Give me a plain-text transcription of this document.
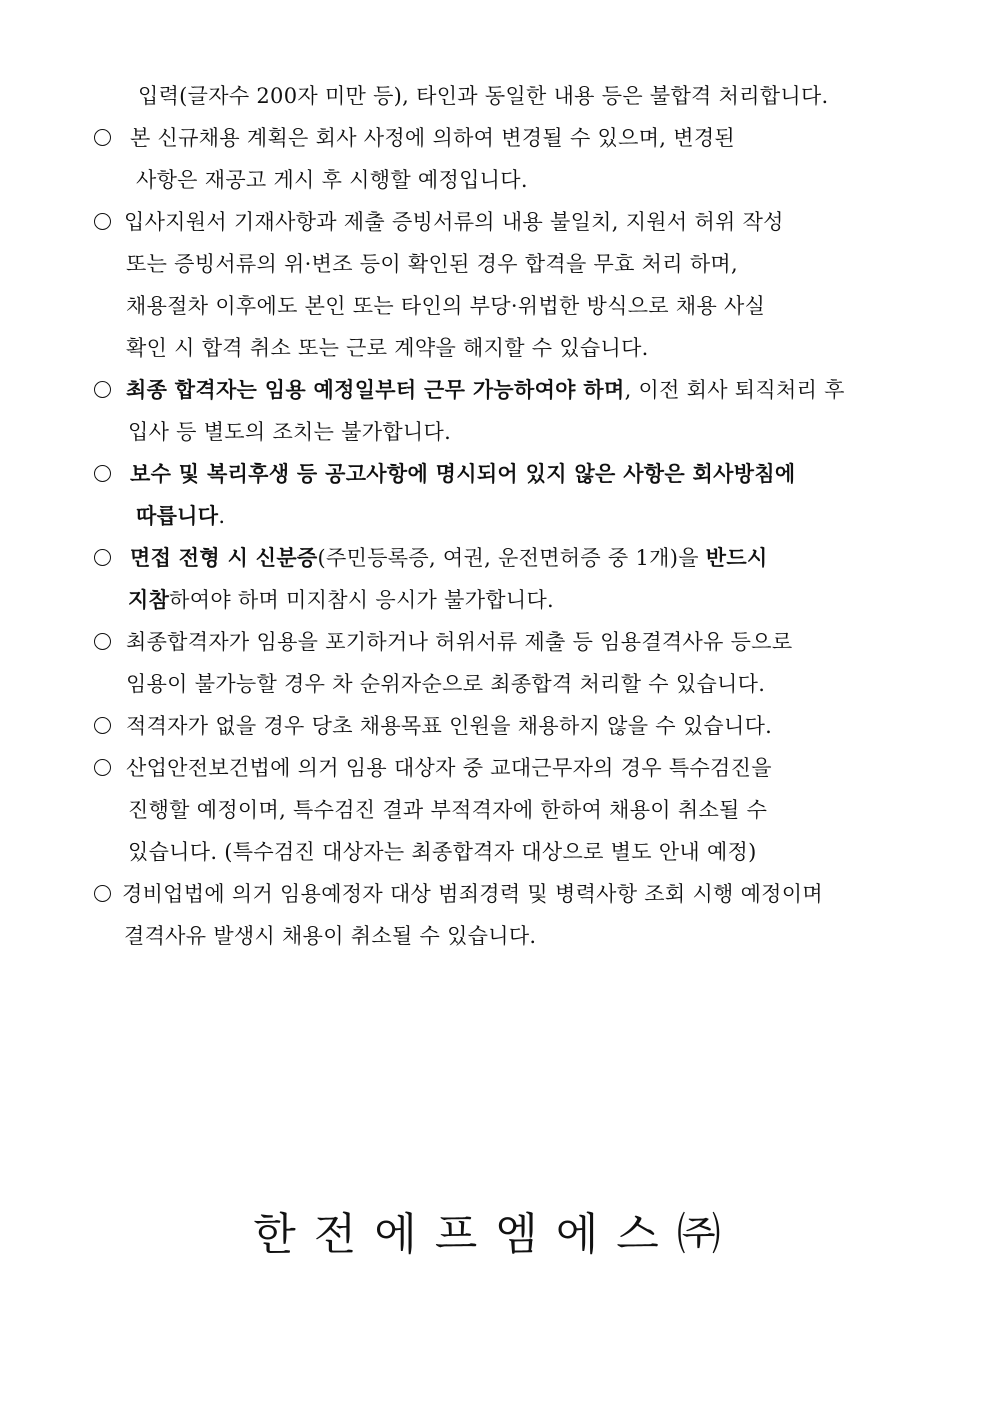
입력(글자수 200자 미만 등), 타인과 동일한 내용 등은 불합격 처리합니다.
본 신규채용 계획은 회사 사정에 의하여 변경될 수 있으며, 변경된
사항은 재공고 게시 후 시행할 예정입니다.
입사지원서 기재사항과 제출 증빙서류의 내용 불일치, 지원서 허위 작성
또는 증빙서류의 위·변조 등이 확인된 경우 합격을 무효 처리 하며,
채용절차 이후에도 본인 또는 타인의 부당·위법한 방식으로 채용 사실
확인 시 합격 취소 또는 근로 계약을 해지할 수 있습니다.
최종 합격자는 임용 예정일부터 근무 가능하여야 하며, 이전 회사 퇴직처리 후
입사 등 별도의 조치는 불가합니다.
보수 및 복리후생 등 공고사항에 명시되어 있지 않은 사항은 회사방침에
따릅니다.
면접 전형 시 신분증(주민등록증, 여권, 운전면허증 중 1개)을 반드시
지참하여야 하며 미지참시 응시가 불가합니다.
최종합격자가 임용을 포기하거나 허위서류 제출 등 임용결격사유 등으로
임용이 불가능할 경우 차 순위자순으로 최종합격 처리할 수 있습니다.
적격자가 없을 경우 당초 채용목표 인원을 채용하지 않을 수 있습니다.
산업안전보건법에 의거 임용 대상자 중 교대근무자의 경우 특수검진을
진행할 예정이며, 특수검진 결과 부적격자에 한하여 채용이 취소될 수
있습니다. (특수검진 대상자는 최종합격자 대상으로 별도 안내 예정)
경비업법에 의거 임용예정자 대상 범죄경력 및 병력사항 조회 시행 예정이며
결격사유 발생시 채용이 취소될 수 있습니다.
한전에프엠에스㈜
